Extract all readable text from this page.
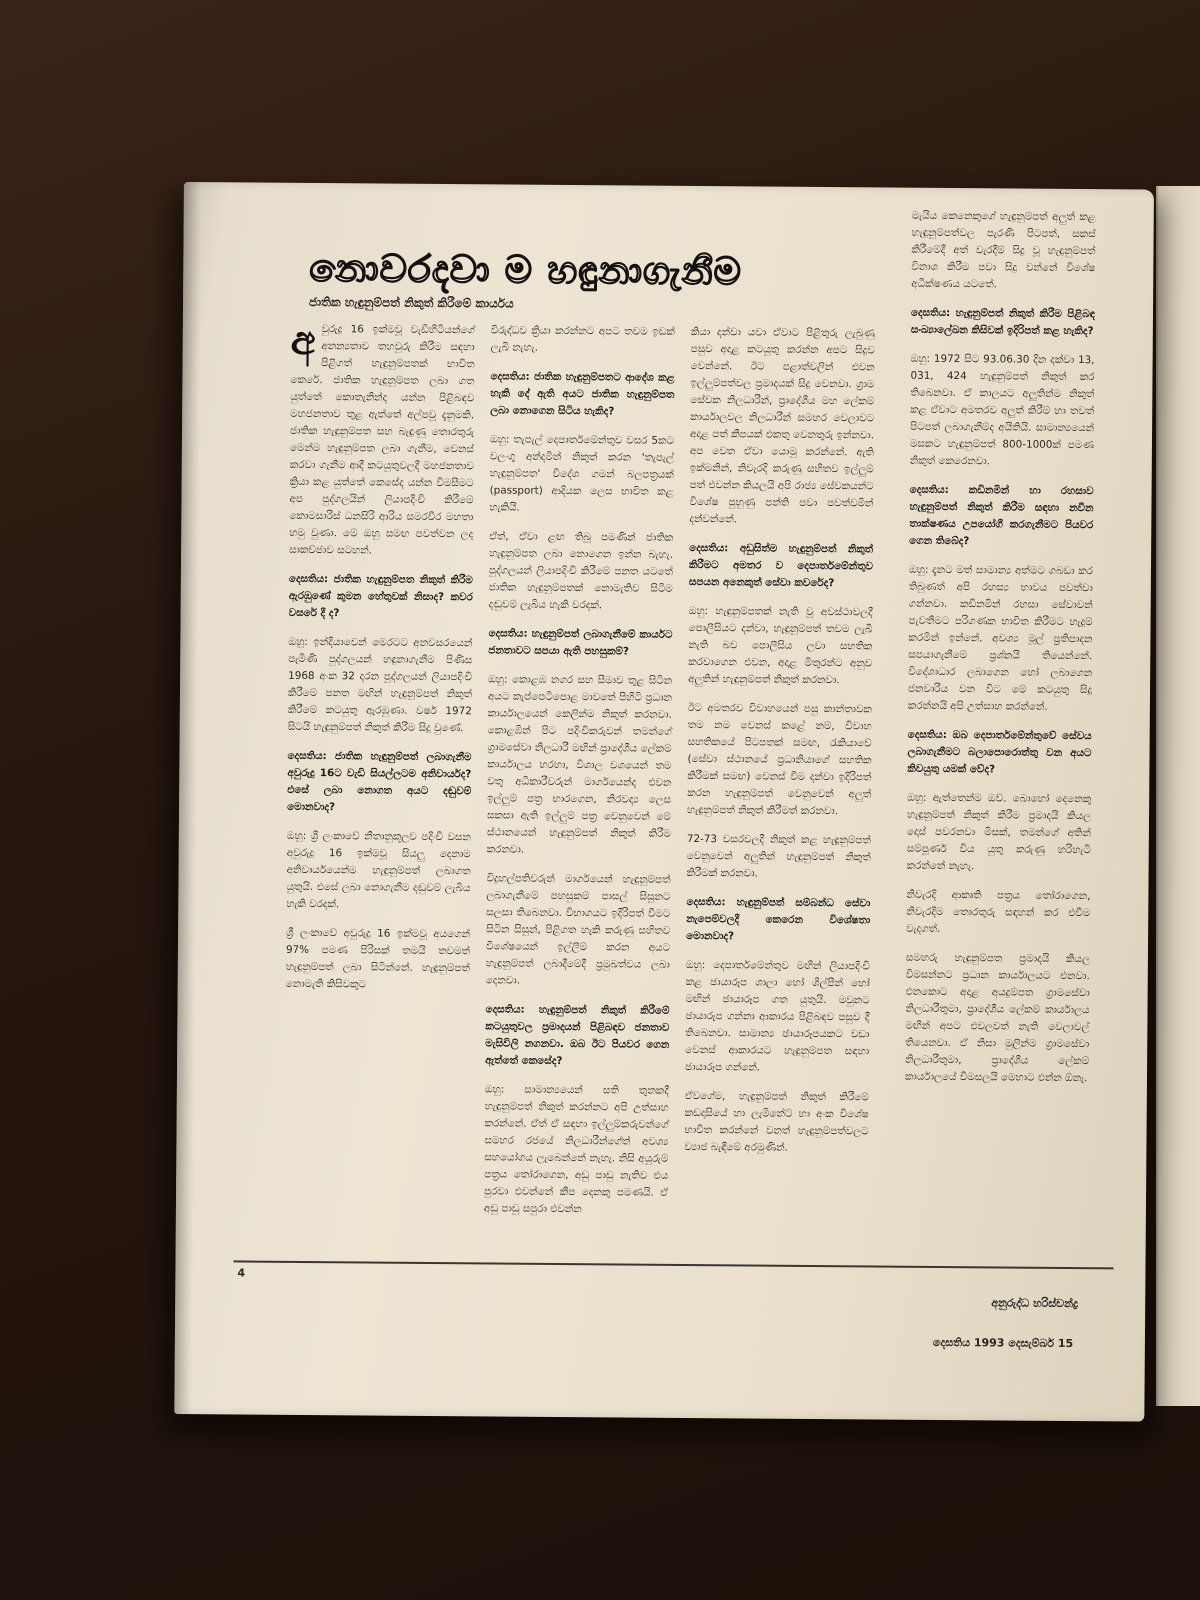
නොවරදවා ම හඳුනාගැනීම
ජාතික හැඳුනුම්පත් නිකුත් කිරීමේ කාර්යය

අවුරුදු 16 ඉක්මවූ වැඩිහිටියන්ගේ අනන්‍යතාව තහවුරු කිරීම සඳහා පිළිගත් හැඳුනුම්පතක් භාවිත කෙරේ. ජාතික හැඳුනුම්පත ලබා ගත යුත්තේ කොතැනින්ද යන්න පිළිබඳව මහජනතාව තුළ ඇත්තේ අල්පවූ දැනුමකි. ජාතික හැඳුනුම්පත සහ බැඳුණු තොරතුරු මෙන්ම හැඳුනුම්පත ලබා ගැනීම, වෙනස් කරවා ගැනීම ආදී කටයුතුවලදී මහජනතාව ක්‍රියා කළ යුත්තේ කෙසේද යන්න විමසීමට අප පුද්ගලයින් ලියාපදිංචි කිරීමේ කොමසාරිස් ධනසිරි ආරිය සමරවීර මහතා හමු වුණා. මේ ඔහු සමඟ පවත්වන ලද සාකච්ඡාව සටහන්.

දෙසතිය: ජාතික හැඳුනුම්පත නිකුත් කිරීම ඇරඹුණේ කුමන හේතුවක් නිසාද? කවර වසරේ දී ද?

ඔහු: ඉන්දියාවෙන් මෙරටට අනවසරයෙන් පැමිණි පුද්ගලයන් හඳුනාගැනීම පිණිස 1968 අංක 32 දරන පුද්ගලයන් ලියාපදිංචි කිරීමේ පනත මඟින් හැඳුනුම්පත් නිකුත් කිරීමේ කටයුතු ඇරඹුණා. වර්ෂ 1972 සිටයි හැඳුනුම්පත් නිකුත් කිරීම සිදු වුණේ.

දෙසතිය: ජාතික හැඳුනුම්පත් ලබාගැනීම අවුරුදු 16ට වැඩි සියල්ලටම අනිවාර්යද? එසේ ලබා නොගත අයට දඬුවම් මොනවාද?

ඔහු: ශ්‍රී ලංකාවේ නීතානුකූලව පදිංචි වසන අවුරුදු 16 ඉක්මවූ සියලු දෙනාම අනිවාර්යයෙන්ම හැඳුනුම්පත් ලබාගත යුතුයි. එසේ ලබා නොගැනීම දඬුවම් ලැබිය හැකි වරදක්.

ශ්‍රී ලංකාවේ අවුරුදු 16 ඉක්මවූ අයගෙන් 97% පමණ පිරිසක් තමයි තවමත් හැඳුනුම්පත් ලබා සිටින්නේ. හැඳුනුම්පත් නොමැති කිසිවකුට

විරුද්ධව ක්‍රියා කරන්නට අපට තවම ඉඩක් ලැබී නැහැ.

දෙසතිය: ජාතික හැඳුනුම්පතට ආදේශ කළ හැකි දේ ඇති අයට ජාතික හැඳුනුම්පත ලබා නොගෙන සිටිය හැකිද?

ඔහු: තැපැල් දෙපාර්තමේන්තුව වසර 5කට වලංගු අන්දමින් නිකුත් කරන 'තැපැල් හැඳුනුම්පත' විදේශ ගමන් බලපත්‍රයක් (passport) ආදියක ලෙස භාවිත කළ හැකියි.

ඒත්, ඒවා ළඟ තිබූ පමණින් ජාතික හැඳුනුම්පත ලබා නොගෙන ඉන්න බැහැ. පුද්ගලයන් ලියාපදිංචි කිරීමේ පනත යටතේ ජාතික හැඳුනුම්පතක් නොමැතිව සිටීම දඬුවම් ලැබිය හැකි වරදක්.

දෙසතිය: හැඳුනුම්පත් ලබාගැනීමේ කාර්යට ජනතාවට සපයා ඇති පහසුකම්?

ඔහු: කොළඹ නගර සහ සීමාව තුළ සිටින අයට කැප්පෙටිපොළ මාවතේ පිහිටි ප්‍රධාන කාර්යාලයෙන් කෙලින්ම නිකුත් කරනවා. කොළඹින් පිට පදිංචිකරුවන් තමන්ගේ ග්‍රාමසේවා නිලධාරී මඟින් ප්‍රාදේශීය ලේකම් කාර්යාලය හරහා, විශාල වශයෙන් තම වතු අධිකාරීවරුන් මාර්ගයෙන්ද එවන ඉල්ලුම් පත්‍ර භාරගෙන, නිරවද්‍ය ලෙස සකසා ඇති ඉල්ලුම් පත්‍ර වෙනුවෙන් මේ ස්ථානයෙන් හැඳුනුම්පත් නිකුත් කිරීම කරනවා.

විදුහල්පතිවරුන් මාර්ගයෙන් හැඳුනුම්පත් ලබාගැනීමේ පහසුකම් පාසල් සිසුනට සලසා තිබෙනවා. විභාගයට ඉදිරිපත් වීමට සිටින සිසුන්, පිළිගත හැකි කරුණු සහිතව විශේෂයෙන් ඉල්ලීම් කරන අයට හැඳුනුම්පත් ලබාදීමේදී ප්‍රමුඛත්වය ලබා දෙනවා.

දෙසතිය: හැඳුනුම්පත් නිකුත් කිරීමේ කටයුතුවල ප්‍රමාදයන් පිළිබඳව ජනතාව මැසිවිලි නගනවා. ඔබ ඊට පියවර ගෙන ඇත්තේ කෙසේද?

ඔහු: සාමාන්‍යයෙන් සති තුනකදී හැඳුනුම්පත් නිකුත් කරන්නට අපි උත්සාහ කරන්නේ. ඒත් ඒ සඳහා ඉල්ලුම්කරුවන්ගේ සමහර රජයේ නිලධාරීන්ගේත් අවශ්‍ය සහයෝගය ලැබෙන්නේ නැහැ. නිසි අයුරුම් පත්‍රය තෝරාගෙන, අඩු පාඩු නැතිව එය පුරවා එවන්නේ කීප දෙනකු පමණයි. ඒ අඩු පාඩු සපුරා එවන්න

කියා දන්වා යවා ඒවාට පිළිතුරු ලැබුණු පසුව අදාළ කටයුතු කරන්න අපට සිදුව වෙන්නේ. ඊට පළාත්වලින් එවන ඉල්ලුම්පත්වල ප්‍රමාදයක් සිදු වෙනවා. ග්‍රාම සේවක නිලධාරීන්, ප්‍රාදේශීය මහ ලේකම් කාර්යාලවල නිලධාරීන් සමහර වෙලාවට අදාළ පත් කීපයක් එකතු වෙනතුරු ඉන්නවා. අප වෙත ඒවා යොමු කරන්නේ. ඇති ඉක්මනින්, නිවැරදි කරුණු සහිතව ඉල්ලුම් පත් එවන්න කියලයි අපි රාජ්‍ය සේවකයන්ට විශේෂ පුහුණු පන්ති පවා පවත්වමින් දන්වන්නේ.

දෙසතිය: අඩුසිත්ම හැඳුනුම්පත් නිකුත් කිරීමට අමතර ව දෙපාර්තමේන්තුව සපයන අනෙකුත් සේවා කවරේද?

ඔහු: හැඳුනුම්පතක් නැති වූ අවස්ථාවලදී පොලීසියට දන්වා, හැඳුනුම්පත් තවම ලැබී නැති බව පොලීසිය ලවා සහතික කරවාගෙන එවන, අදාළ මිතුරන්ට අනුව අලුතින් හැඳුනුම්පත් නිකුත් කරනවා.

ඊට අමතරව විවාහයෙන් පසු කාන්තාවක තම නම වෙනස් කළේ නම්, විවාහ සහතිකයේ පිටපතක් සමඟ, රැකියාවේ (සේවා ස්ථානයේ ප්‍රධානියාගේ සහතික කිරීමක් සමඟ) වෙනස් වීම දන්වා ඉදිරිපත් කරන හැඳුනුම්පත් වෙනුවෙන් අලුත් හැඳුනුම්පත් නිකුත් කිරීමත් කරනවා.

72-73 වසරවලදී නිකුත් කළ හැඳුනුම්පත් වෙනුවෙන් අලුතින් හැඳුනුම්පත් නිකුත් කිරීමක් කරනවා.

දෙසතිය: හැඳුනුම්පත් සම්බන්ධ සේවා නැපෙම්වලදී කෙරෙන විශේෂතා මොනවාද?

ඔහු: දෙපාර්තමේන්තුව මඟින් ලියාපදිංචි කළ ඡායාරූප ශාලා හෝ ශිල්පීන් හෝ මඟින් ඡායාරූප ගත යුතුයි. මවුනට ඡායාරූප ගන්නා ආකාරය පිළිබඳව පසුව දී තිබෙනවා. සාමාන්‍ය ඡායාරූපයකට වඩා වෙනස් ආකාරයට හැඳුනුම්පත සඳහා ඡායාරූප ගන්නේ.

ඒවගේම, හැඳුනුම්පත් නිකුත් කිරීමේ කඩදාසියේ හා ලැමිනේට් හා අංක විශේෂ භාවිත කරන්නේ වනත් හැඳුනුම්පත්වලට ව්‍යාජ බැඳීමේ අරමුණින්.

මැයිය කෙනෙකුගේ හැඳුනුම්පත් අලුත් කළ හැඳුනුම්පත්වල පැරණි පිටපත්, සකස් කිරීමේදී අත් වැරදීම් සිදු වූ හැඳුනුම්පත් විනාශ කිරීම පවා සිදු වන්නේ විශේෂ අධීක්ෂණය යටතේ.

දෙසතිය: හැඳුනුම්පත් නිකුත් කිරීම පිළිබඳ සංඛ්‍යාලේඛන කිසිවක් ඉදිරිපත් කළ හැකිද?

ඔහු: 1972 සිට 93.06.30 දින දක්වා 13, 031, 424 හැඳුනුම්පත් නිකුත් කර තිබෙනවා. ඒ කාලයට අලුතින්ම නිකුත් කළ ඒවාට අමතරව අලුත් කිරීම් හා තවත් පිටපත් ලබාගැනීම්ද අයිතියි. සාමාන්‍යයෙන් මසකට හැඳුනුම්පත් 800-1000ක් පමණ නිකුත් කෙරෙනවා.

දෙසතිය: කඩිනමින් හා රහසාව හැඳුනුම්පත් නිකුත් කිරීම සඳහා නවීන තාක්ෂණය උපයෝගී කරගැනීමට පියවර ගෙන තිබේද?

ඔහු: දැනට මත් සාමාන්‍ය අත්මට ගබඩා කර තිබුණත් අපි රහස්‍ය භාවය පවත්වා ගන්නවා. කඩිනමින් රහසා සේවාවන් පැවතීමට පරිගණක භාවිත කිරීමට හැදුම් කරමින් ඉන්නේ. අවශ්‍ය මූල් ප්‍රතිපාදන සපයාගැනීමේ ප්‍රශ්නයි තියෙන්නේ. විදේශාධාර ලබාගෙන හෝ ලබාගෙන ජනවාරිය වන විට මේ කටයුතු සිදු කරන්නයි අපි උත්සාහ කරන්නේ.

දෙසතිය: ඔබ දෙපාර්තමේන්තුවේ සේවය ලබාගැනීමට බලාපොරොත්තු වන අයට කිවයුතු යමක් වේද?

ඔහු: ඇත්තෙන්ම ඔව්. බොහෝ දෙනෙකු හැඳුනුම්පත් නිකුත් කිරීම ප්‍රමාදයි කියල දොස් පවරනවා මිසක්, තමන්ගේ අතින් සම්පූර්ණ විය යුතු කරුණු හරිහැටි කරන්නේ නැහැ.

නිවැරදි ආකෘති පත්‍රය තෝරාගෙන, නිවැරදිම තොරතුරු සඳහන් කර එවීම වැදගත්.

සමහරු හැඳුනුම්පත ප්‍රමාදයි කියල විමසන්නට ප්‍රධාන කාර්යාලයට එනවා. එනකොට අදාළ අයදුම්පත ග්‍රාමසේවා නිලධාරීතුමා, ප්‍රාදේශීය ලේකම් කාර්යාලය මඟින් අපට එවලවත් නැති වෙලාවල් තියෙනවා. ඒ නිසා මුලින්ම ග්‍රාමසේවා නිලධාරීතුමා, ප්‍රාදේශීය ලේකම් කාර්යාලයේ විමසලයි මෙහාට එන්න ඕනැ.

4
අනුරුද්ධ හරිස්චන්ද්‍ර
දෙසතිය 1993 දෙසැම්බර් 15
